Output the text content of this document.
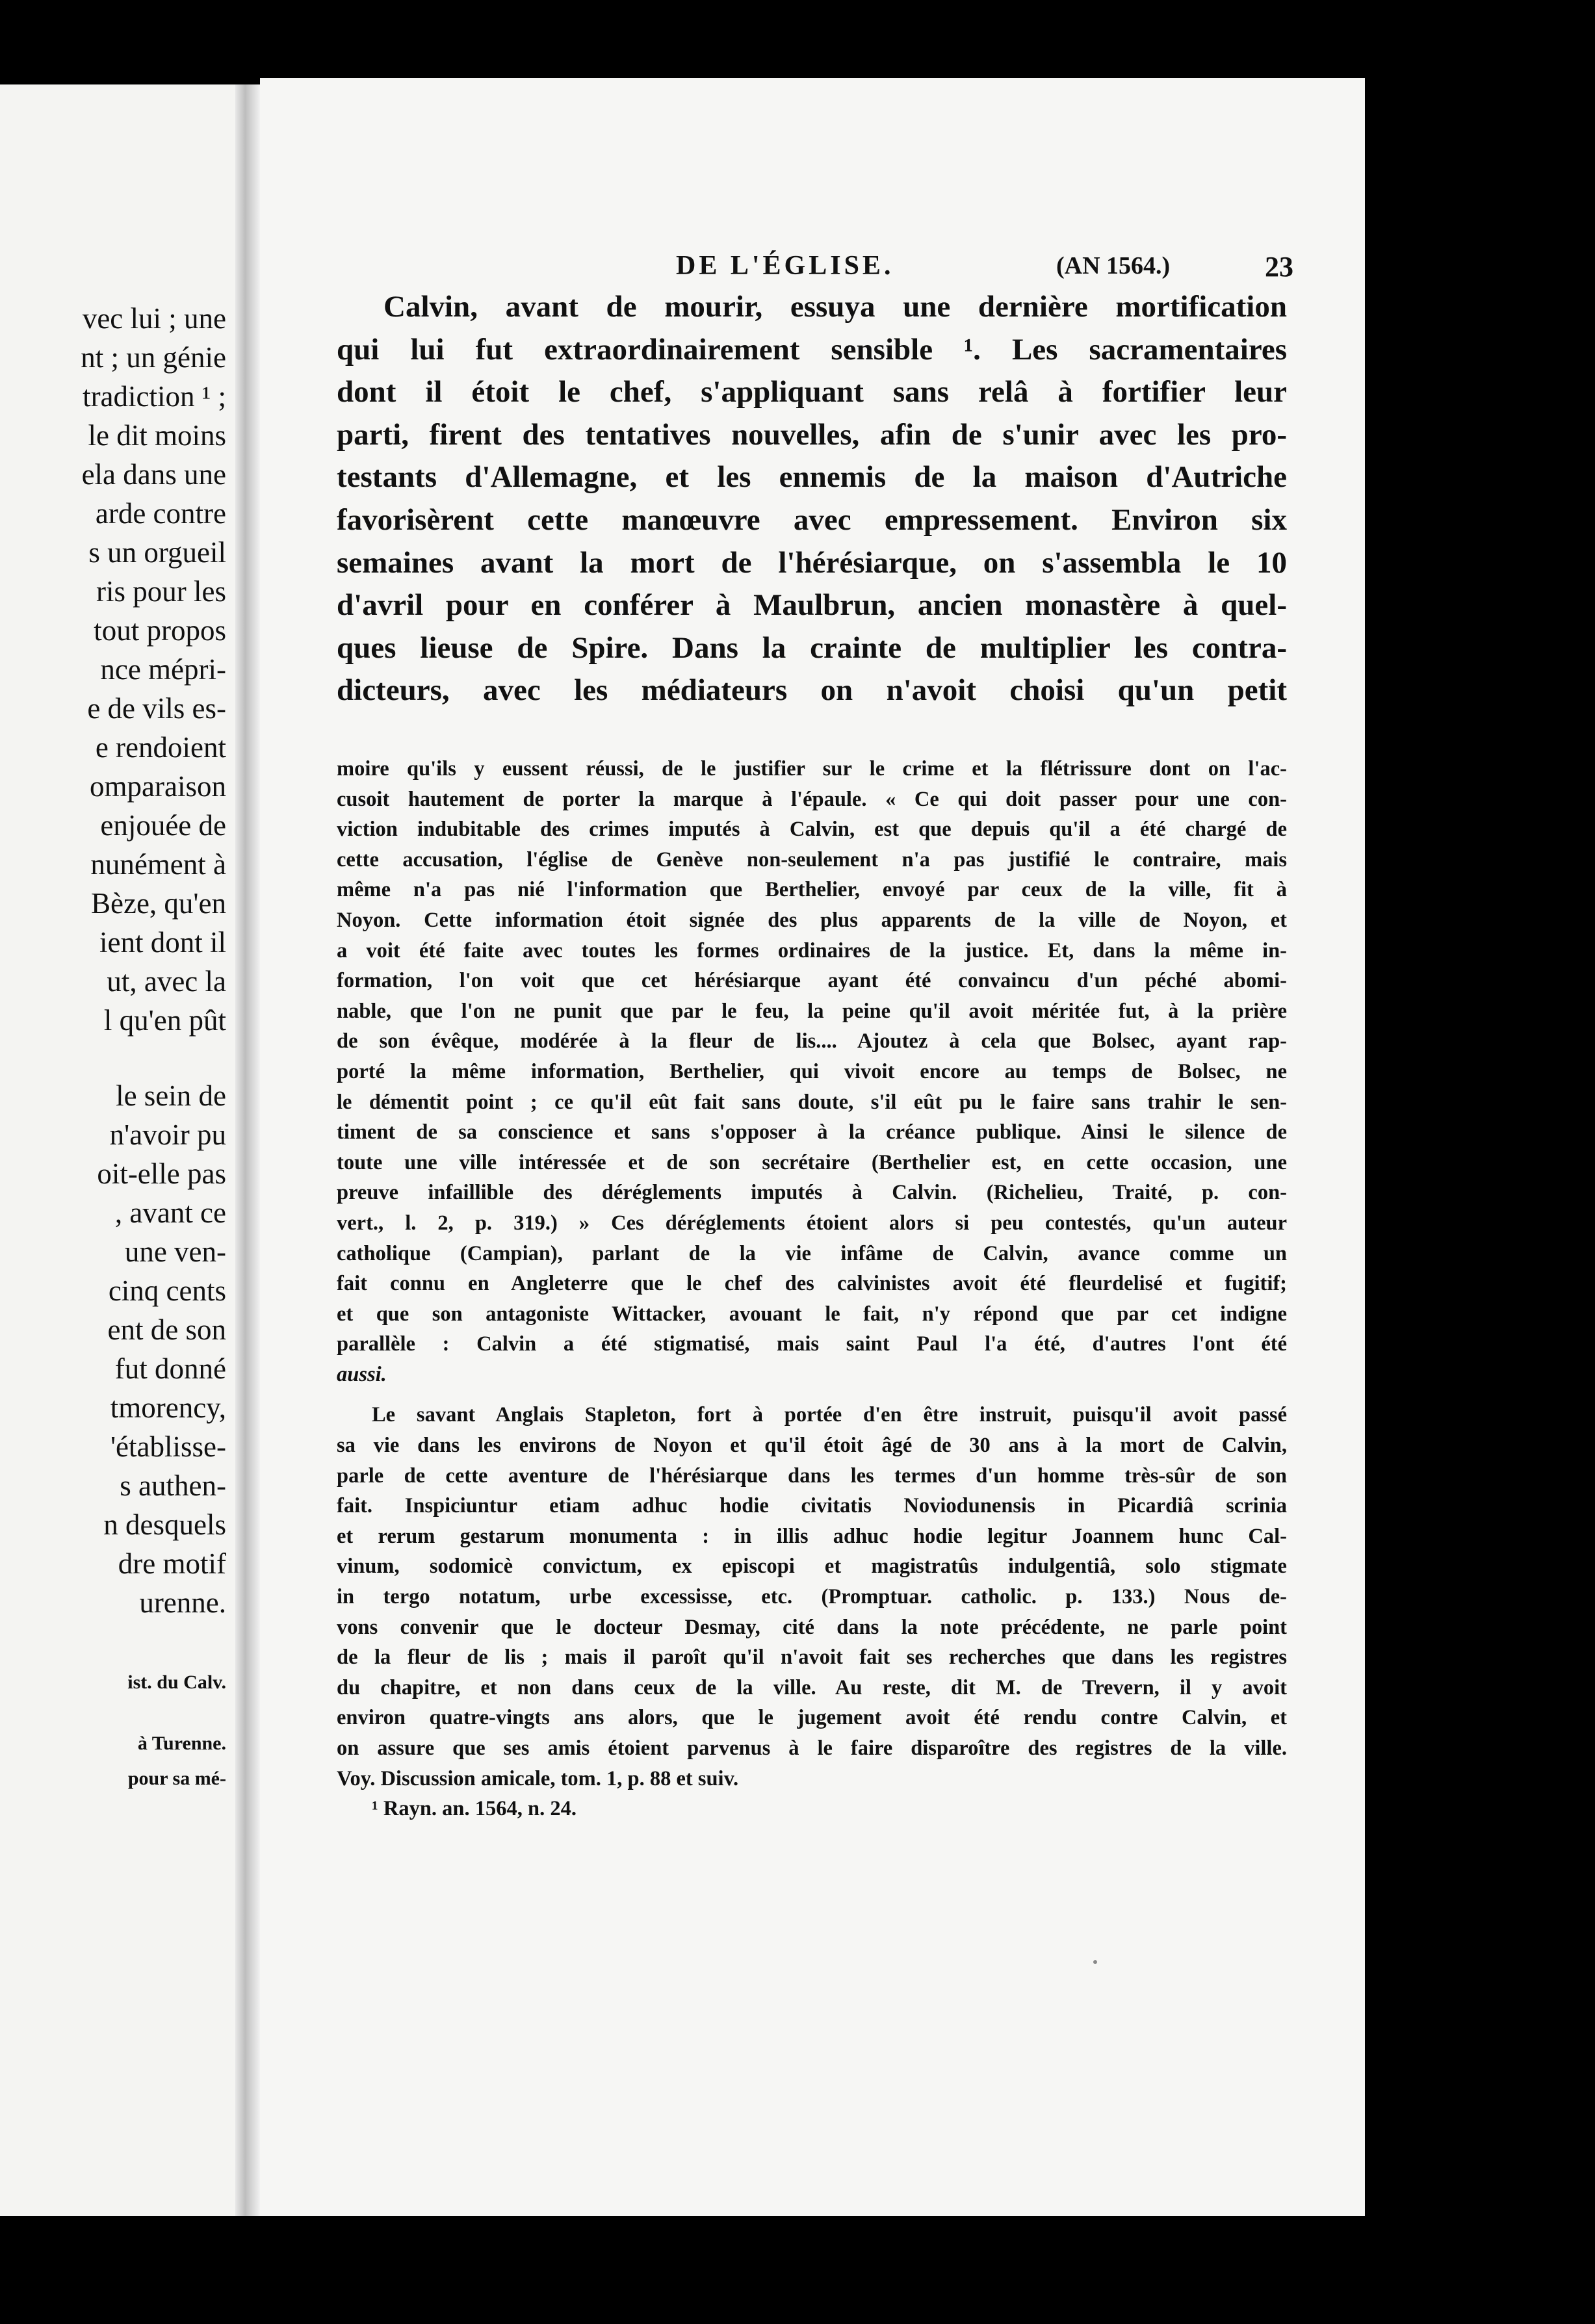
vec lui ; une
nt ; un génie
tradiction ¹ ;
le dit moins
ela dans une
arde contre
s un orgueil
ris pour les
tout propos
nce mépri-
e de vils es-
e rendoient
omparaison
enjouée de
nunément à
Bèze, qu'en
ient dont il
ut, avec la
l qu'en pût
le sein de
n'avoir pu
oit-elle pas
, avant ce
une ven-
cinq cents
ent de son
fut donné
tmorency,
'établisse-
s authen-
n desquels
dre motif
urenne.
ist. du Calv.
à Turenne.
pour sa mé-
DE L'ÉGLISE.	(AN 1564.)	23
Calvin, avant de mourir, essuya une dernière mortification
qui lui fut extraordinairement sensible ¹. Les sacramentaires
dont il étoit le chef, s'appliquant sans relâ à fortifier leur
parti, firent des tentatives nouvelles, afin de s'unir avec les pro-
testants d'Allemagne, et les ennemis de la maison d'Autriche
favorisèrent cette manœuvre avec empressement. Environ six
semaines avant la mort de l'hérésiarque, on s'assembla le 10
d'avril pour en conférer à Maulbrun, ancien monastère à quel-
ques lieuse de Spire. Dans la crainte de multiplier les contra-
dicteurs, avec les médiateurs on n'avoit choisi qu'un petit
moire qu'ils y eussent réussi, de le justifier sur le crime et la flétrissure dont on l'ac-
cusoit hautement de porter la marque à l'épaule. « Ce qui doit passer pour une con-
viction indubitable des crimes imputés à Calvin, est que depuis qu'il a été chargé de
cette accusation, l'église de Genève non-seulement n'a pas justifié le contraire, mais
même n'a pas nié l'information que Berthelier, envoyé par ceux de la ville, fit à
Noyon. Cette information étoit signée des plus apparents de la ville de Noyon, et
a voit été faite avec toutes les formes ordinaires de la justice. Et, dans la même in-
formation, l'on voit que cet hérésiarque ayant été convaincu d'un péché abomi-
nable, que l'on ne punit que par le feu, la peine qu'il avoit méritée fut, à la prière
de son évêque, modérée à la fleur de lis.... Ajoutez à cela que Bolsec, ayant rap-
porté la même information, Berthelier, qui vivoit encore au temps de Bolsec, ne
le démentit point ; ce qu'il eût fait sans doute, s'il eût pu le faire sans trahir le sen-
timent de sa conscience et sans s'opposer à la créance publique. Ainsi le silence de
toute une ville intéressée et de son secrétaire (Berthelier est, en cette occasion, une
preuve infaillible des déréglements imputés à Calvin. (Richelieu, Traité, p. con-
vert., l. 2, p. 319.) » Ces déréglements étoient alors si peu contestés, qu'un auteur
catholique (Campian), parlant de la vie infâme de Calvin, avance comme un
fait connu en Angleterre que le chef des calvinistes avoit été fleurdelisé et fugitif;
et que son antagoniste Wittacker, avouant le fait, n'y répond que par cet indigne
parallèle : Calvin a été stigmatisé, mais saint Paul l'a été, d'autres l'ont été
aussi.
Le savant Anglais Stapleton, fort à portée d'en être instruit, puisqu'il avoit passé
sa vie dans les environs de Noyon et qu'il étoit âgé de 30 ans à la mort de Calvin,
parle de cette aventure de l'hérésiarque dans les termes d'un homme très-sûr de son
fait. Inspiciuntur etiam adhuc hodie civitatis Noviodunensis in Picardiâ scrinia
et rerum gestarum monumenta : in illis adhuc hodie legitur Joannem hunc Cal-
vinum, sodomicè convictum, ex episcopi et magistratûs indulgentiâ, solo stigmate
in tergo notatum, urbe excessisse, etc. (Promptuar. catholic. p. 133.) Nous de-
vons convenir que le docteur Desmay, cité dans la note précédente, ne parle point
de la fleur de lis ; mais il paroît qu'il n'avoit fait ses recherches que dans les registres
du chapitre, et non dans ceux de la ville. Au reste, dit M. de Trevern, il y avoit
environ quatre-vingts ans alors, que le jugement avoit été rendu contre Calvin, et
on assure que ses amis étoient parvenus à le faire disparoître des registres de la ville.
Voy. Discussion amicale, tom. 1, p. 88 et suiv.
¹ Rayn. an. 1564, n. 24.
